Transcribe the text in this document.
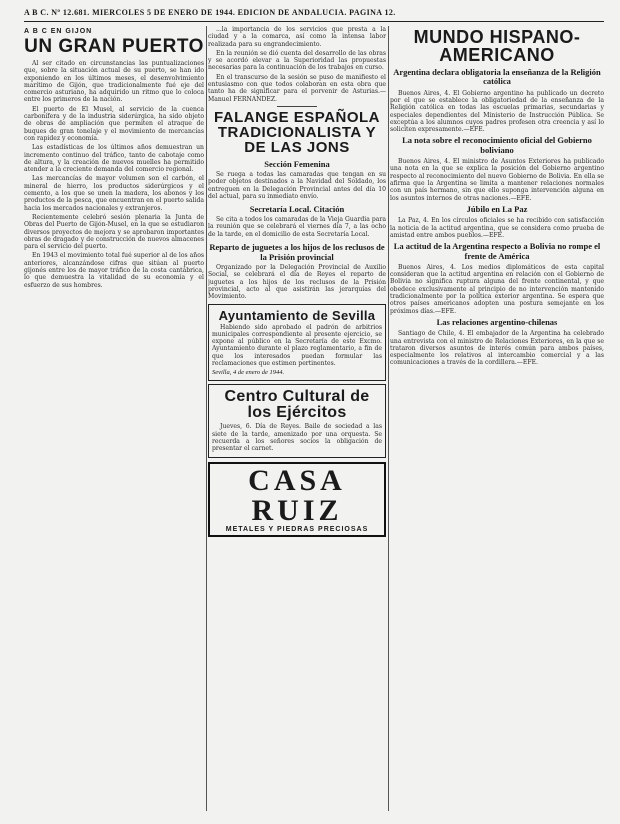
A B C. Nº 12.681. MIERCOLES 5 DE ENERO DE 1944. EDICION DE ANDALUCIA. PAGINA 12.
A B C EN GIJON
UN GRAN PUERTO

Al ser citado en circunstancias las puntualizaciones que, sobre la situación actual de su puerto, se han ido exponiendo en los últimos meses, el desenvolvimiento marítimo de Gijón, que tradicionalmente fué eje del comercio asturiano, ha adquirido un ritmo que lo coloca entre los primeros de la nación.

El puerto de El Musel, al servicio de la cuenca carbonífera y de la industria siderúrgica, ha sido objeto de obras de ampliación que permiten el atraque de buques de gran tonelaje y el movimiento de mercancías con rapidez y economía.

Las estadísticas de los últimos años demuestran un incremento continuo del tráfico, tanto de cabotaje como de altura, y la creación de nuevos muelles ha permitido atender a la creciente demanda del comercio regional.

Las mercancías de mayor volumen son el carbón, el mineral de hierro, los productos siderúrgicos y el cemento, a los que se unen la madera, los abonos y los productos de la pesca, que encuentran en el puerto salida hacia los mercados nacionales y extranjeros.

Recientemente celebró sesión plenaria la Junta de Obras del Puerto de Gijón-Musel, en la que se estudiaron diversos proyectos de mejora y se aprobaron importantes obras de dragado y de construcción de nuevos almacenes para el servicio del puerto.

En 1943 el movimiento total fué superior al de los años anteriores, alcanzándose cifras que sitúan al puerto gijonés entre los de mayor tráfico de la costa cantábrica, lo que demuestra la vitalidad de su economía y el esfuerzo de sus hombres.

...la importancia de los servicios que presta a la ciudad y a la comarca, así como la intensa labor realizada para su engrandecimiento.

En la reunión se dió cuenta del desarrollo de las obras y se acordó elevar a la Superioridad las propuestas necesarias para la continuación de los trabajos en curso.

En el transcurso de la sesión se puso de manifiesto el entusiasmo con que todos colaboran en esta obra que tanto ha de significar para el porvenir de Asturias.—Manuel FERNANDEZ.

FALANGE ESPAÑOLA TRADICIONALISTA Y DE LAS JONS
Sección Femenina

Se ruega a todas las camaradas que tengan en su poder objetos destinados a la Navidad del Soldado, los entreguen en la Delegación Provincial antes del día 10 del actual, para su inmediato envío.

Secretaría Local. Citación

Se cita a todos los camaradas de la Vieja Guardia para la reunión que se celebrará el viernes día 7, a las ocho de la tarde, en el domicilio de esta Secretaría Local.

Reparto de juguetes a los hijos de los reclusos de la Prisión provincial

Organizado por la Delegación Provincial de Auxilio Social, se celebrará el día de Reyes el reparto de juguetes a los hijos de los reclusos de la Prisión provincial, acto al que asistirán las jerarquías del Movimiento.

Ayuntamiento de Sevilla

Habiendo sido aprobado el padrón de arbitrios municipales correspondiente al presente ejercicio, se expone al público en la Secretaría de este Excmo. Ayuntamiento durante el plazo reglamentario, a fin de que los interesados puedan formular las reclamaciones que estimen pertinentes.

Sevilla, 4 de enero de 1944.
Centro Cultural de los Ejércitos

Jueves, 6. Día de Reyes. Baile de sociedad a las siete de la tarde, amenizado por una orquesta. Se recuerda a los señores socios la obligación de presentar el carnet.

CASA RUIZ
METALES Y PIEDRAS PRECIOSAS
MUNDO HISPANO-AMERICANO
Argentina declara obligatoria la enseñanza de la Religión católica

Buenos Aires, 4. El Gobierno argentino ha publicado un decreto por el que se establece la obligatoriedad de la enseñanza de la Religión católica en todas las escuelas primarias, secundarias y especiales dependientes del Ministerio de Instrucción Pública. Se exceptúa a los alumnos cuyos padres profesen otra creencia y así lo soliciten expresamente.—EFE.

La nota sobre el reconocimiento oficial del Gobierno boliviano

Buenos Aires, 4. El ministro de Asuntos Exteriores ha publicado una nota en la que se explica la posición del Gobierno argentino respecto al reconocimiento del nuevo Gobierno de Bolivia. En ella se afirma que la Argentina se limita a mantener relaciones normales con un país hermano, sin que ello suponga intervención alguna en los asuntos internos de otras naciones.—EFE.

Júbilo en La Paz

La Paz, 4. En los círculos oficiales se ha recibido con satisfacción la noticia de la actitud argentina, que se considera como prueba de amistad entre ambos pueblos.—EFE.

La actitud de la Argentina respecto a Bolivia no rompe el frente de América

Buenos Aires, 4. Los medios diplomáticos de esta capital consideran que la actitud argentina en relación con el Gobierno de Bolivia no significa ruptura alguna del frente continental, y que obedece exclusivamente al principio de no intervención mantenido tradicionalmente por la política exterior argentina. Se espera que otros países americanos adopten una postura semejante en los próximos días.—EFE.

Las relaciones argentino-chilenas

Santiago de Chile, 4. El embajador de la Argentina ha celebrado una entrevista con el ministro de Relaciones Exteriores, en la que se trataron diversos asuntos de interés común para ambos países, especialmente los relativos al intercambio comercial y a las comunicaciones a través de la cordillera.—EFE.
